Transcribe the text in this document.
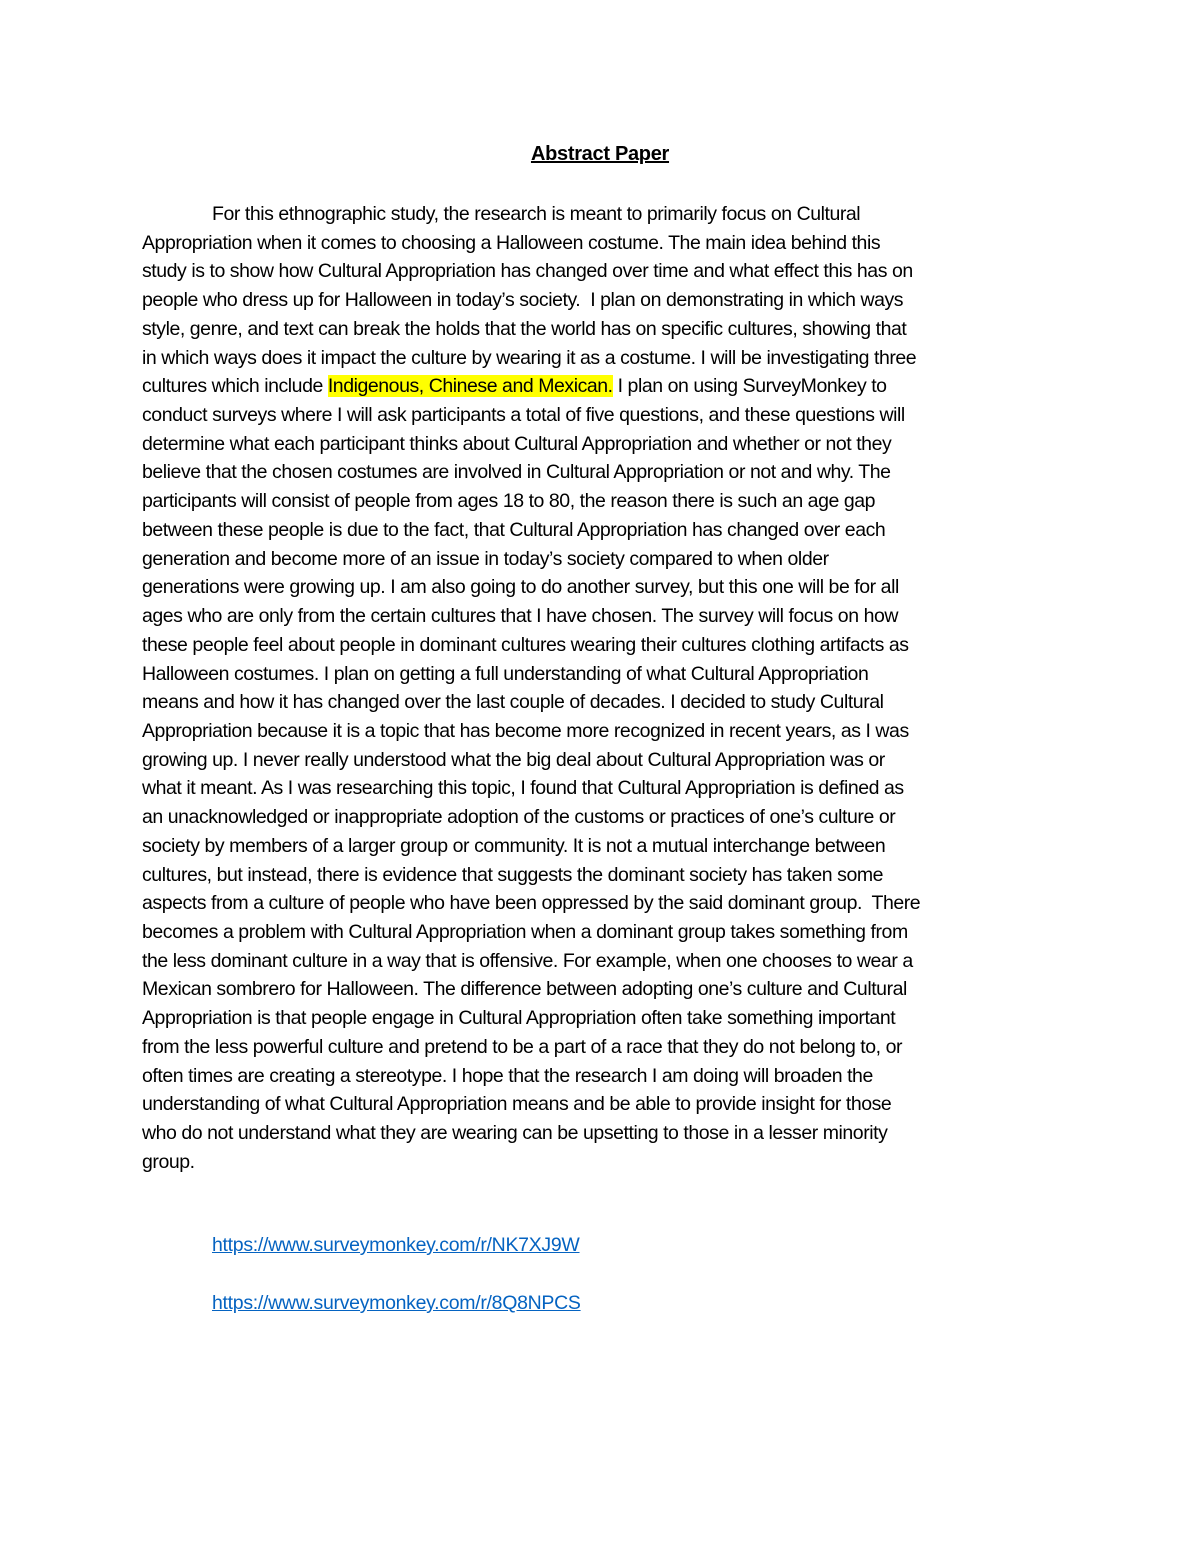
Abstract Paper
For this ethnographic study, the research is meant to primarily focus on Cultural
Appropriation when it comes to choosing a Halloween costume. The main idea behind this
study is to show how Cultural Appropriation has changed over time and what effect this has on
people who dress up for Halloween in today’s society.  I plan on demonstrating in which ways
style, genre, and text can break the holds that the world has on specific cultures, showing that
in which ways does it impact the culture by wearing it as a costume. I will be investigating three
cultures which include Indigenous, Chinese and Mexican. I plan on using SurveyMonkey to
conduct surveys where I will ask participants a total of five questions, and these questions will
determine what each participant thinks about Cultural Appropriation and whether or not they
believe that the chosen costumes are involved in Cultural Appropriation or not and why. The
participants will consist of people from ages 18 to 80, the reason there is such an age gap
between these people is due to the fact, that Cultural Appropriation has changed over each
generation and become more of an issue in today’s society compared to when older
generations were growing up. I am also going to do another survey, but this one will be for all
ages who are only from the certain cultures that I have chosen. The survey will focus on how
these people feel about people in dominant cultures wearing their cultures clothing artifacts as
Halloween costumes. I plan on getting a full understanding of what Cultural Appropriation
means and how it has changed over the last couple of decades. I decided to study Cultural
Appropriation because it is a topic that has become more recognized in recent years, as I was
growing up. I never really understood what the big deal about Cultural Appropriation was or
what it meant. As I was researching this topic, I found that Cultural Appropriation is defined as
an unacknowledged or inappropriate adoption of the customs or practices of one’s culture or
society by members of a larger group or community. It is not a mutual interchange between
cultures, but instead, there is evidence that suggests the dominant society has taken some
aspects from a culture of people who have been oppressed by the said dominant group.  There
becomes a problem with Cultural Appropriation when a dominant group takes something from
the less dominant culture in a way that is offensive. For example, when one chooses to wear a
Mexican sombrero for Halloween. The difference between adopting one’s culture and Cultural
Appropriation is that people engage in Cultural Appropriation often take something important
from the less powerful culture and pretend to be a part of a race that they do not belong to, or
often times are creating a stereotype. I hope that the research I am doing will broaden the
understanding of what Cultural Appropriation means and be able to provide insight for those
who do not understand what they are wearing can be upsetting to those in a lesser minority
group.
https://www.surveymonkey.com/r/NK7XJ9W
https://www.surveymonkey.com/r/8Q8NPCS
